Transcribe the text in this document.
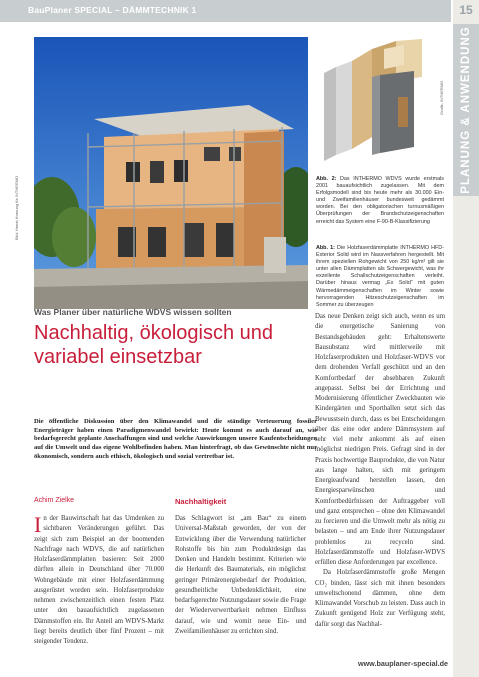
BauPlaner SPECIAL – DÄMMTECHNIK 1	15
PLANUNG & ANWENDUNG
Bild: Hanat Hornung für INTHERMO
Grafik: INTHERMO

Abb. 2: Das INTHERMO WDVS wurde erstmals 2001 bauaufsichtlich zugelassen. Mit dem Erfolgsmodell sind bis heute mehr als 30.000 Ein- und Zweifamilienhäuser bundesweit gedämmt worden. Bei den obligatorischen turnusmäßigen Überprüfungen der Brandschutzeigenschaften erreicht das System eine F-90-B-Klassifizierung

Abb. 1: Die Holzfaserdämmplatte INTHERMO HFD-Exterior Solid wird im Nassverfahren hergestellt. Mit ihrem speziellen Rohgewicht von 250 kg/m³ gilt sie unter allen Dämmplatten als Schwergewicht, was ihr exzellente Schallschutzeigenschaften verleiht. Darüber hinaus vermag „Ex Solid“ mit guten Wärmedämmeigenschaften im Winter sowie hervorragenden Hitzeschutzeigenschaften im Sommer zu überzeugen

Was Planer über natürliche WDVS wissen sollten

Nachhaltig, ökologisch und variabel einsetzbar

Die öffentliche Diskussion über den Klimawandel und die ständige Verteuerung fossiler Energieträger haben einen Paradigmenwandel bewirkt: Heute kommt es auch darauf an, wie bedarfsgerecht geplante Anschaffungen sind und welche Auswirkungen unsere Kaufentscheidungen auf die Umwelt und das eigene Wohlbefinden haben. Man hinterfragt, ob das Gewünschte nicht nur ökonomisch, sondern auch ethisch, ökologisch und sozial vertretbar ist.

Achim Zielke	Nachhaltigkeit

In der Bauwirtschaft hat das Umdenken zu sichtbaren Veränderungen geführt. Das zeigt sich zum Beispiel an der boomenden Nachfrage nach WDVS, die auf natürlichen Holzfaserdämmplatten basieren: Seit 2000 dürften allein in Deutschland über 70.000 Wohngebäude mit einer Holzfaserdämmung ausgerüstet worden sein. Holzfaserprodukte nehmen zwischenzeitlich einen festen Platz unter den bauaufsichtlich zugelassenen Dämmstoffen ein. Ihr Anteil am WDVS-Markt liegt bereits deutlich über fünf Prozent – mit steigender Tendenz.

Das Schlagwort ist „am Bau“ zu einem Universal-Maßstab geworden, der von der Entwicklung über die Verwendung natürlicher Rohstoffe bis hin zum Produktdesign das Denken und Handeln bestimmt. Kriterien wie die Herkunft des Baumaterials, ein möglichst geringer Primärenergiebedarf der Produktion, gesundheitliche Unbedenklichkeit, eine bedarfsgerechte Nutzungsdauer sowie die Frage der Wiederverwertbarkeit nehmen Einfluss darauf, wie und womit neue Ein- und Zweifamilienhäuser zu errichten sind.

Das neue Denken zeigt sich auch, wenn es um die energetische Sanierung von Bestandsgebäuden geht: Erhaltenswerte Bausubstanz wird mittlerweile mit Holzfaserprodukten und Holzfaser-WDVS vor dem drohenden Verfall geschützt und an den Komfortbedarf der absehbaren Zukunft angepasst. Selbst bei der Errichtung und Modernisierung öffentlicher Zweckbauten wie Kindergärten und Sporthallen setzt sich das Bewusstsein durch, dass es bei Entscheidungen über das eine oder andere Dämmsystem auf sehr viel mehr ankommt als auf einen möglichst niedrigen Preis. Gefragt sind in der Praxis hochwertige Bauprodukte, die von Natur aus lange halten, sich mit geringem Energieaufwand herstellen lassen, den Energiesparwünschen und Komfortbedürfnissen der Auftraggeber voll und ganz entsprechen – ohne den Klimawandel zu forcieren und die Umwelt mehr als nötig zu belasten – und am Ende ihrer Nutzungsdauer problemlos zu recyceln sind. Holzfaserdämmstoffe und Holzfaser-WDVS erfüllen diese Anforderungen par excellence.

Da Holzfaserdämmstoffe große Mengen CO₂ binden, lässt sich mit ihnen besonders umweltschonend dämmen, ohne dem Klimawandel Vorschub zu leisten. Dass auch in Zukunft genügend Holz zur Verfügung steht, dafür sorgt das Nachhal-

www.bauplaner-special.de
